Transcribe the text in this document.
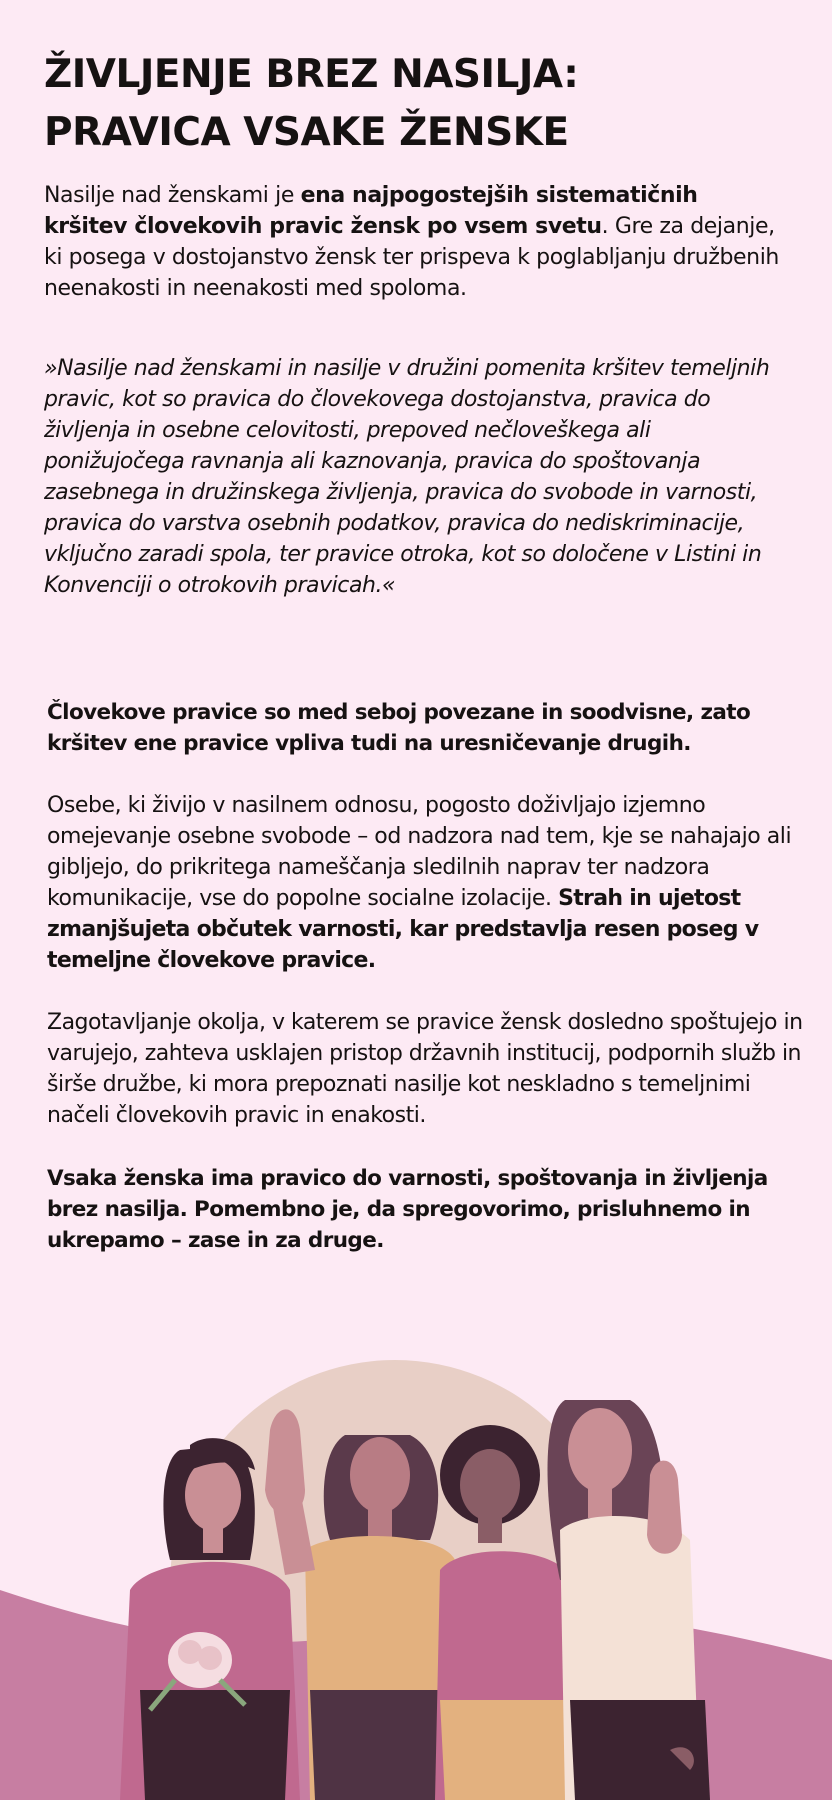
ŽIVLJENJE BREZ NASILJA:
PRAVICA VSAKE ŽENSKE

Nasilje nad ženskami je ena najpogostejših sistematičnih kršitev človekovih pravic žensk po vsem svetu. Gre za dejanje, ki posega v dostojanstvo žensk ter prispeva k poglabljanju družbenih neenakosti in neenakosti med spoloma.

»Nasilje nad ženskami in nasilje v družini pomenita kršitev temeljnih pravic, kot so pravica do človekovega dostojanstva, pravica do življenja in osebne celovitosti, prepoved nečloveškega ali ponižujočega ravnanja ali kaznovanja, pravica do spoštovanja zasebnega in družinskega življenja, pravica do svobode in varnosti, pravica do varstva osebnih podatkov, pravica do nediskriminacije, vključno zaradi spola, ter pravice otroka, kot so določene v Listini in Konvenciji o otrokovih pravicah.«

Človekove pravice so med seboj povezane in soodvisne, zato kršitev ene pravice vpliva tudi na uresničevanje drugih.

Osebe, ki živijo v nasilnem odnosu, pogosto doživljajo izjemno omejevanje osebne svobode – od nadzora nad tem, kje se nahajajo ali gibljejo, do prikritega nameščanja sledilnih naprav ter nadzora komunikacije, vse do popolne socialne izolacije. Strah in ujetost zmanjšujeta občutek varnosti, kar predstavlja resen poseg v temeljne človekove pravice.

Zagotavljanje okolja, v katerem se pravice žensk dosledno spoštujejo in varujejo, zahteva usklajen pristop državnih institucij, podpornih služb in širše družbe, ki mora prepoznati nasilje kot neskladno s temeljnimi načeli človekovih pravic in enakosti.

Vsaka ženska ima pravico do varnosti, spoštovanja in življenja brez nasilja. Pomembno je, da spregovorimo, prisluhnemo in ukrepamo – zase in za druge.
